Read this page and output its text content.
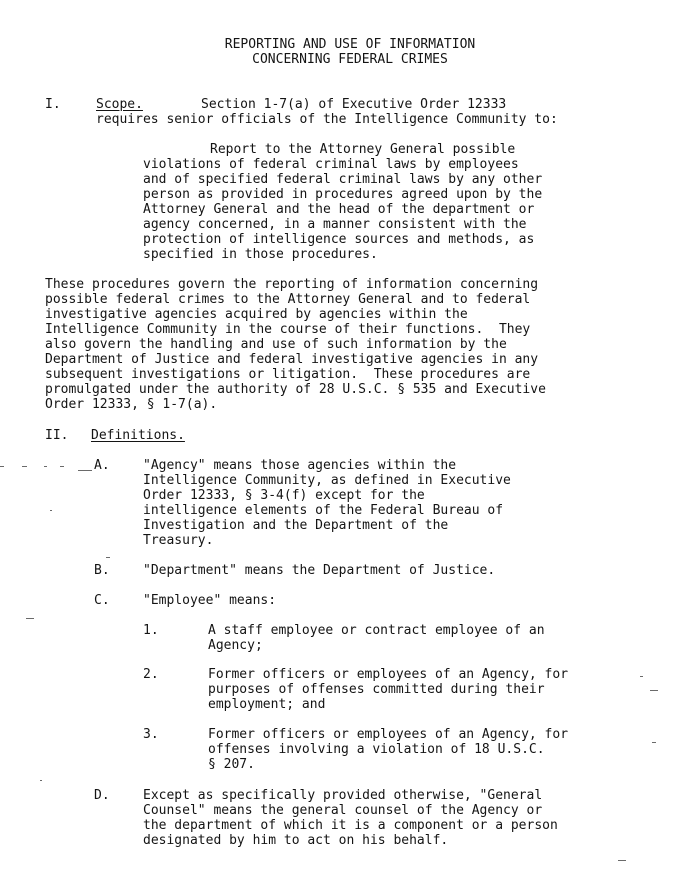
REPORTING AND USE OF INFORMATION
CONCERNING FEDERAL CRIMES
I.	Scope.	Section 1-7(a) of Executive Order 12333
requires senior officials of the Intelligence Community to:
Report to the Attorney General possible
violations of federal criminal laws by employees
and of specified federal criminal laws by any other
person as provided in procedures agreed upon by the
Attorney General and the head of the department or
agency concerned, in a manner consistent with the
protection of intelligence sources and methods, as
specified in those procedures.
These procedures govern the reporting of information concerning
possible federal crimes to the Attorney General and to federal
investigative agencies acquired by agencies within the
Intelligence Community in the course of their functions.  They
also govern the handling and use of such information by the
Department of Justice and federal investigative agencies in any
subsequent investigations or litigation.  These procedures are
promulgated under the authority of 28 U.S.C. § 535 and Executive
Order 12333, § 1-7(a).
II. Definitions.
A.	"Agency" means those agencies within the
Intelligence Community, as defined in Executive
Order 12333, § 3-4(f) except for the
intelligence elements of the Federal Bureau of
Investigation and the Department of the
Treasury.
B.	"Department" means the Department of Justice.
C.	"Employee" means:
1.	A staff employee or contract employee of an
Agency;
2.	Former officers or employees of an Agency, for
purposes of offenses committed during their
employment; and
3.	Former officers or employees of an Agency, for
offenses involving a violation of 18 U.S.C.
§ 207.
D.	Except as specifically provided otherwise, "General
Counsel" means the general counsel of the Agency or
the department of which it is a component or a person
designated by him to act on his behalf.
